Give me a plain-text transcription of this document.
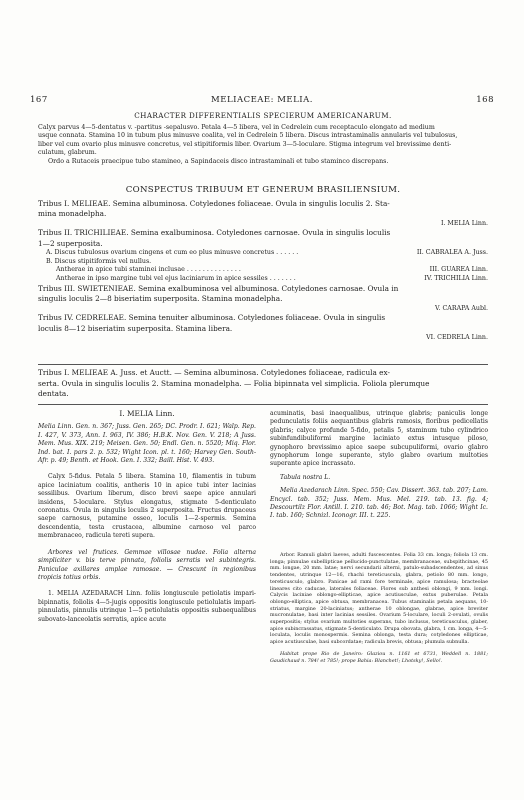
167	MELIACEAE: MELIA.	168
CHARACTER DIFFERENTIALIS SPECIERUM AMERICANARUM.
Calyx parvus 4—5-dentatus v. -partitus -sepalusvo. Petala 4—5 libera, vel in Cedrelein cum receptaculo elongato ad medium
usque connata. Stamina 10 in tubum plus minusve coalita, vel in Cedrelein 5 libera. Discus intrastaminalis annularis vel tubulosus,
liber vel cum ovario plus minusve concretus, vel stipitiformis liber. Ovarium 3—5-loculare. Stigma integrum vel brevissime denti-
culatum, glabrum.
Ordo a Rutaceis praecipue tubo stamineo, a Sapindaceis disco intrastaminali et tubo staminco discrepans.
CONSPECTUS TRIBUUM ET GENERUM BRASILIENSIUM.
Tribus I. MELIEAE. Semina albuminosa. Cotyledones foliaceae. Ovula in singulis loculis 2. Sta-
mina monadelpha.
I. MELIA Linn.
Tribus II. TRICHILIEAE. Semina exalbuminosa. Cotyledones carnosae. Ovula in singulis loculis
1—2 superposita.
A. Discus tubulosus ovarium cingens et cum eo plus minusve concretus . . . . . .	II. CABRALEA A. Juss.
B. Discus stipitiformis vel nullus.
Antherae in apice tubi staminei inclusae . . . . . . . . . . . . . .	III. GUAREA Linn.
Antherae in ipso margine tubi vel ejus laciniarum in apice sessiles . . . . . . .	IV. TRICHILIA Linn.
Tribus III. SWIETENIEAE. Semina exalbuminosa vel albuminosa. Cotyledones carnosae. Ovula in
singulis loculis 2—8 biseriatim superposita. Stamina monadelpha.
V. CARAPA Aubl.
Tribus IV. CEDRELEAE. Semina tenuiter albuminosa. Cotyledones foliaceae. Ovula in singulis
loculis 8—12 biseriatim superposita. Stamina libera.
VI. CEDRELA Linn.
Tribus I. MELIEAE A. Juss. et Auctt. — Semina albuminosa. Cotyledones foliaceae, radicula ex-
serta. Ovula in singulis loculis 2. Stamina monadelpha. — Folia bipinnata vel simplicia. Foliola plerumque
dentata.
I. MELIA Linn.

Melia Linn. Gen. n. 367; Juss. Gen. 265; DC. Prodr. I. 621; Walp. Rep. I. 427, V. 373, Ann. I. 963, IV. 386; H.B.K. Nov. Gen. V. 218; A Juss. Mem. Mus. XIX. 219; Meisen. Gen. 50; Endl. Gen. n. 5520; Miq. Flor. Ind. bat. I. pars 2. p. 532; Wight Icon. pl. t. 160; Harvey Gen. South-Afr. p. 49; Benth. et Hook. Gen. I. 332; Baill. Hist. V. 493.

Calyx 5-fidus. Petala 5 libera. Stamina 10, filamentis in tubum apice laciniatum coalitis, antheris 10 in apice tubi inter lacinias sessilibus. Ovarium liberum, disco brevi saepe apice annulari insidens, 5-loculare. Stylus elongatus, stigmate 5-denticulato coronatus. Ovula in singulis loculis 2 superposita. Fructus drupaceus saepe carnosus, putamine osseo, loculis 1—2-spermis. Semina descendentia, testa crustacea, albumine carnoso vel parco membranaceo, radicula tereti supera.

Arbores vel frutices. Gemmae villosae nudae. Folia alterna simpliciter v. bis terve pinnata, foliolis serratis vel subintegris. Paniculae axillares amplae ramosae. — Crescunt in regionibus tropicis totius orbis.

1. MELIA AZEDARACH Linn. foliis longiuscule petiolatis impari-bipinnatis, foliolis 4—5-jugis oppositis longiuscule petiolulatis impari-pinnulatis, pinnulis utrinque 1—5 petiolulatis oppositis subaequalibus subovato-lanceolatis serratis, apice acute

acuminatis, basi inaequalibus, utrinque glabris; paniculis longe pedunculatis foliis aequantibus glabris ramosis, floribus pedicellatis glabris; calyce profunde 5-fido, petalis 5, staminum tubo cylindrico subinfundibuliformi margine laciniato extus intusque piloso, gynophoro brevissimo apice saepe subcupuliformi, ovario glabro gynophorum longe superante, stylo glabro ovarium multoties superante apice incrassato.

Tabula nostra L.

Melia Azedarach Linn. Spec. 550; Cav. Dissert. 363. tab. 207; Lam. Encycl. tab. 352; Juss. Mem. Mus. Mel. 219. tab. 13. fig. 4; Descourtilz Flor. Antill. I. 210. tab. 46; Bot. Mag. tab. 1066; Wight Ic. I. tab. 160; Schnizl. Iconogr. III. t. 225.

Arbor. Ramuli glabri laeves, adulti fuscescentes. Folia 33 cm. longa; foliola 13 cm. longa; pinnulae subellipticae pellucido-punctulatae, membranaceae, subspithcinae, 45 mm. longae, 20 mm. latae; nervi secundarii alterni, patulo-subadscendentes, ad sinus tendentes, utrinque 12—16, rhachi tereticuscula, glabra, petiolo 80 mm. longo, tereticusculo, glabro. Panicae ad rami fore terminale, apice ramulosa; bracteolae lineares cito caducae, laterales foliaceae. Flores sub anthesi oblongi, 9 mm. longi. Calycis laciniae oblongo-ellipticae, apice acutiusculae, extus puberulae. Petala oblongo-elliptica, apice obtusa, membranacea. Tubus staminalis petala aequans, 10-striatus, margine 20-laciniatus; antherae 10 oblongae, glabrae, apice breviter mucronulatae, basi inter lacinias sessiles. Ovarium 5-loculare, loculi 2-ovulati, ovulis superpositis; stylus ovarium multoties superans, tubo inclusus, tereticusculus, glaber, apice subincrassatus, stigmate 5-denticulato. Drupa obovata, glabra, 1 cm. longa, 4—5-loculata, loculis monospermis. Semina oblonga, testa dura; cotyledones ellipticae, apice acutiusculae, basi subcordatae; radicula brevis, obtusa; plumula subnulla.

Habitat prope Rio de Janeiro: Glaziou n. 1161 et 6731, Weddell n. 1881; Gaudichaud n. 784! et 785!; prope Bahia: Blanchet!; Lhotsky!, Sello!.
